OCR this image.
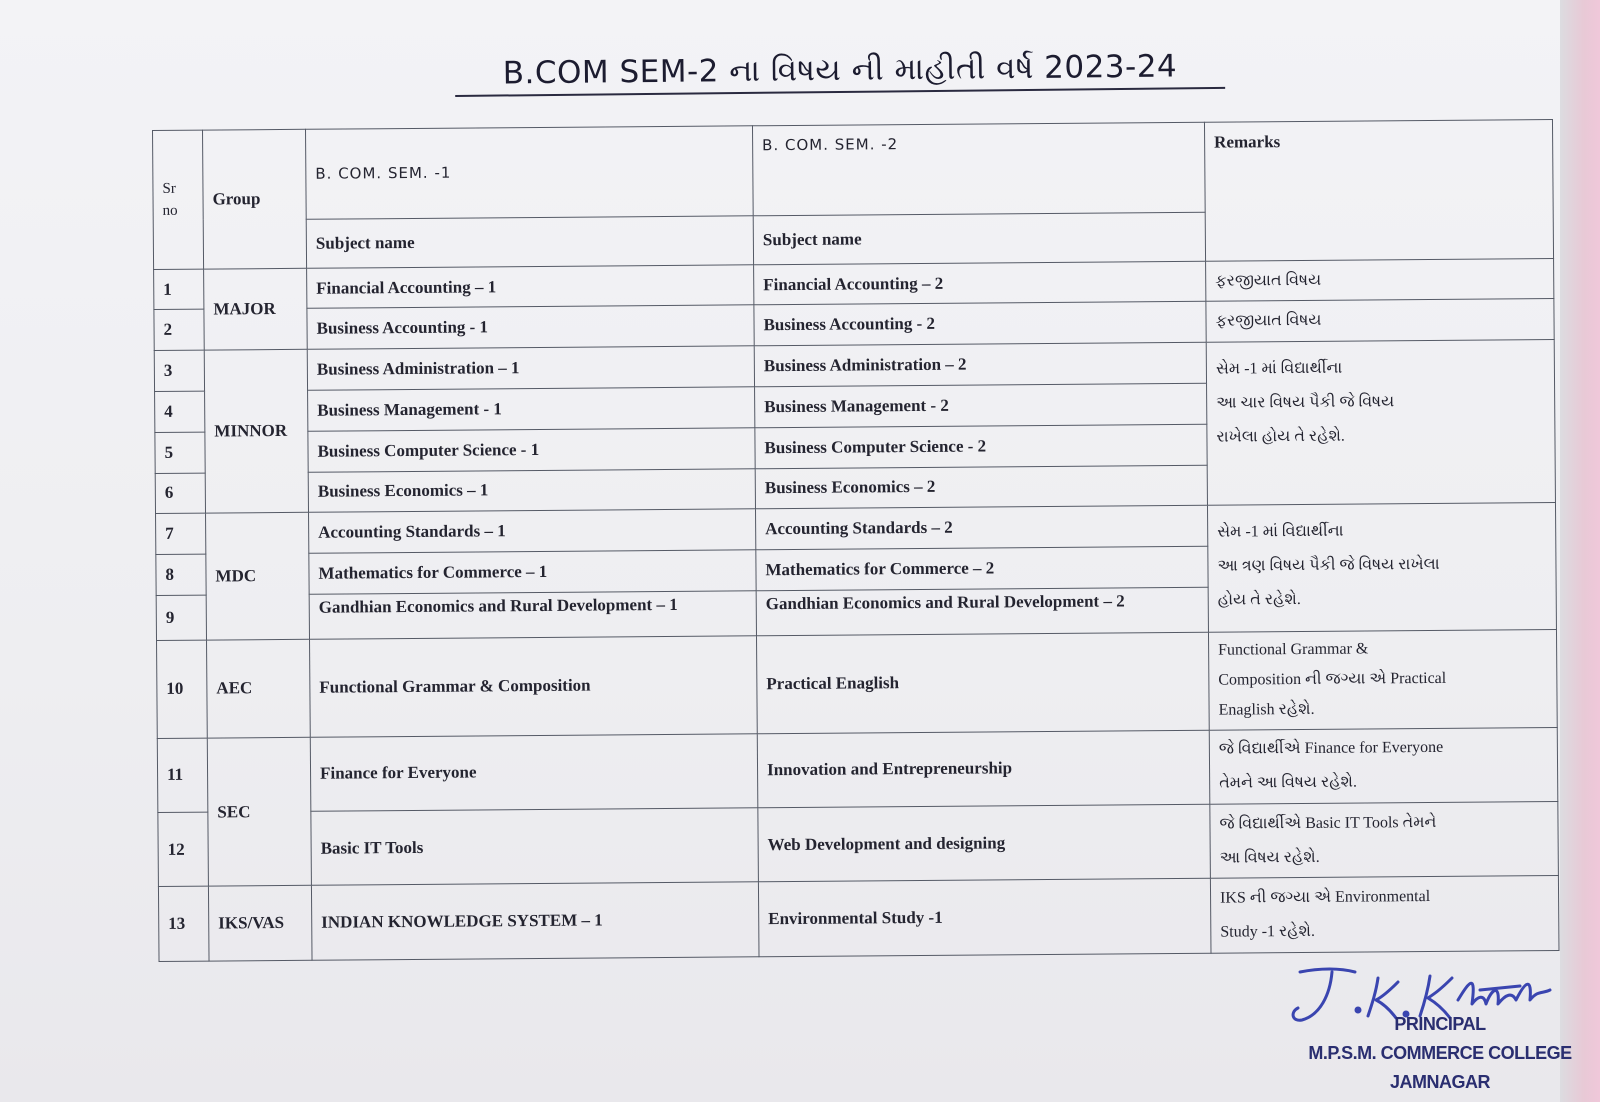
B.COM SEM-2 ના વિષય ની માહીતી વર્ષ 2023-24
Sr no	Group	B. COM. SEM. -1	B. COM. SEM. -2	Remarks
		Subject name	Subject name	
1	MAJOR	Financial Accounting – 1	Financial Accounting – 2	ફરજીયાત વિષય
2		Business Accounting - 1	Business Accounting - 2	ફરજીયાત વિષય
3	MINNOR	Business Administration – 1	Business Administration – 2	સેમ -1 માં વિદ્યાર્થીના
આ ચાર વિષય પૈકી જે વિષય
રાખેલા હોય તે રહેશે.

4		Business Management - 1	Business Management - 2	
5		Business Computer Science - 1	Business Computer Science - 2	
6		Business Economics – 1	Business Economics – 2	
7	MDC	Accounting Standards – 1	Accounting Standards – 2	સેમ -1 માં વિદ્યાર્થીના
આ ત્રણ વિષય પૈકી જે વિષય રાખેલા
હોય તે રહેશે.

8		Mathematics for Commerce – 1	Mathematics for Commerce – 2	
9		Gandhian Economics and Rural Development – 1	Gandhian Economics and Rural Development – 2	
10	AEC	Functional Grammar & Composition	Practical Enaglish	Functional Grammar &
Composition ની જગ્યા એ Practical
Enaglish રહેશે.

11	SEC	Finance for Everyone	Innovation and Entrepreneurship	જે વિદ્યાર્થીએ Finance for Everyone
તેમને આ વિષય રહેશે.

12		Basic IT Tools	Web Development and designing	જે વિદ્યાર્થીએ Basic IT Tools તેમને
આ વિષય રહેશે.

13	IKS/VAS	INDIAN KNOWLEDGE SYSTEM – 1	Environmental Study -1	IKS ની જગ્યા એ Environmental
Study -1 રહેશે.
PRINCIPAL
M.P.S.M. COMMERCE COLLEGE
JAMNAGAR
